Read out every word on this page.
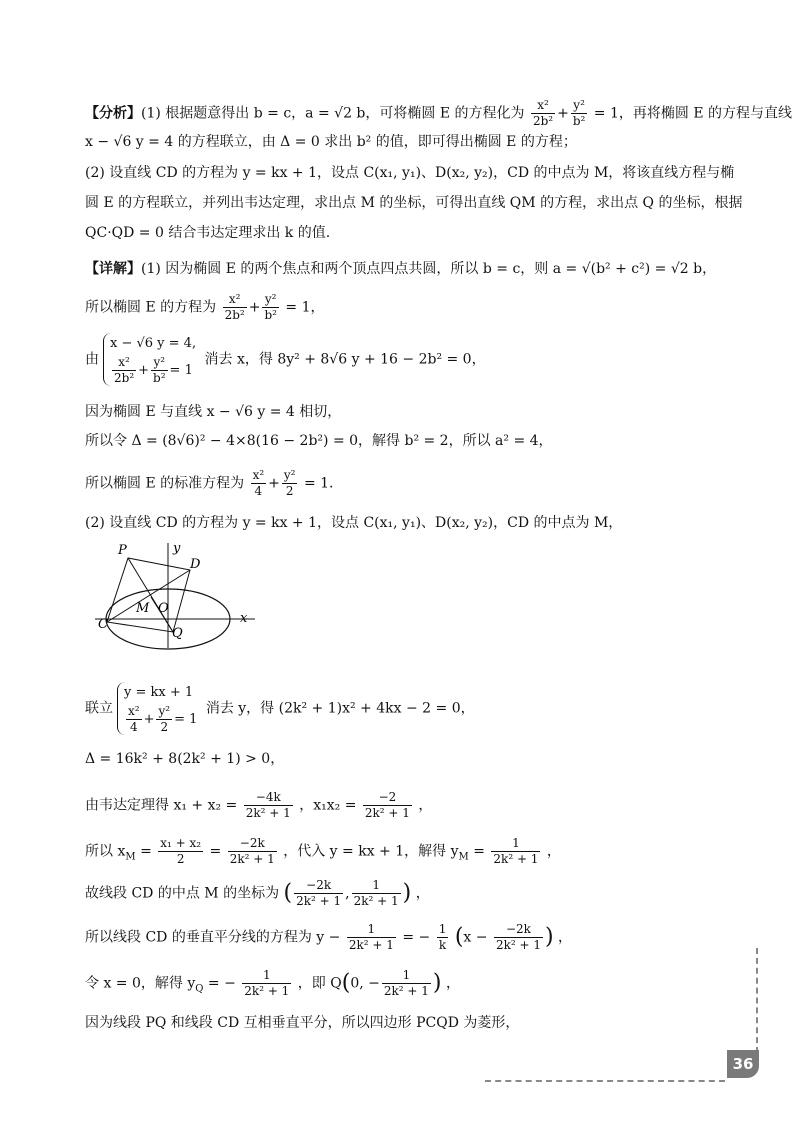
【分析】(1) 根据题意得出 b = c，a = √2 b，可将椭圆 E 的方程化为 $\frac{\text{x²}}{\text{2b²}} + \frac{\text{y²}}{\text{b²}} = 1$，再将椭圆 E 的方程与直线
x − √6 y = 4 的方程联立，由 Δ = 0 求出 b² 的值，即可得出椭圆 E 的方程；
(2) 设直线 CD 的方程为 y = kx + 1，设点 C(x₁, y₁)、D(x₂, y₂)，CD 的中点为 M，将该直线方程与椭圆 E 的方程联立，并列出韦达定理，求出点 M 的坐标，可得出直线 QM 的方程，求出点 Q 的坐标，根据 QC·QD = 0 结合韦达定理求出 k 的值.
【详解】(1) 因为椭圆 E 的两个焦点和两个顶点四点共圆，所以 b = c，则 a = √(b² + c²) = √2 b，
所以椭圆 E 的方程为 $\frac{\text{x²}}{\text{2b²}} + \frac{\text{y²}}{\text{b²}} = 1$，
由
x − √6 y = 4,
$\frac{\text{x²}}{\text{2b²}} + \frac{\text{y²}}{\text{b²}} = 1$
消去 x，得 8y² + 8√6 y + 16 − 2b² = 0，
因为椭圆 E 与直线 x − √6 y = 4 相切，
所以令 Δ = (8√6)² − 4×8(16 − 2b²) = 0，解得 b² = 2，所以 a² = 4，
所以椭圆 E 的标准方程为 $\frac{\text{x²}}{4} + \frac{\text{y²}}{2} = 1$.
(2) 设直线 CD 的方程为 y = kx + 1，设点 C(x₁, y₁)、D(x₂, y₂)，CD 的中点为 M，
P
D
M O
C
Q
x
y
联立
y = kx + 1
$\frac{\text{x²}}{4} + \frac{\text{y²}}{2} = 1$
消去 y，得 (2k² + 1)x² + 4kx − 2 = 0，
Δ = 16k² + 8(2k² + 1) > 0，
由韦达定理得 $x_1 + x_2 = \frac{-4k}{\text{2k² + 1}}$ ，$x_1x_2 = \frac{-2}{\text{2k² + 1}}$ ，
所以 $x_M = \frac{\text{x₁ + x₂}}{2} = \frac{-2k}{\text{2k² + 1}}$ ，代入 y = kx + 1，解得 $y_M = \frac{1}{\text{2k² + 1}}$ ，
故线段 CD 的中点 M 的坐标为 ( $\frac{-2k}{\text{2k² + 1}}$ , $\frac{1}{\text{2k² + 1}}$ ) ，
所以线段 CD 的垂直平分线的方程为 $y - \frac{1}{\text{2k² + 1}}$ = − $\frac{1}{k} (x - \frac{-2k}{\text{2k² + 1}}$ ) ，
令 x = 0，解得 $y_Q$ = − $\frac{1}{\text{2k² + 1}}$ ，即 Q(0, − $\frac{1}{\text{2k² + 1}}$ ) ，
因为线段 PQ 和线段 CD 互相垂直平分，所以四边形 PCQD 为菱形，
36
